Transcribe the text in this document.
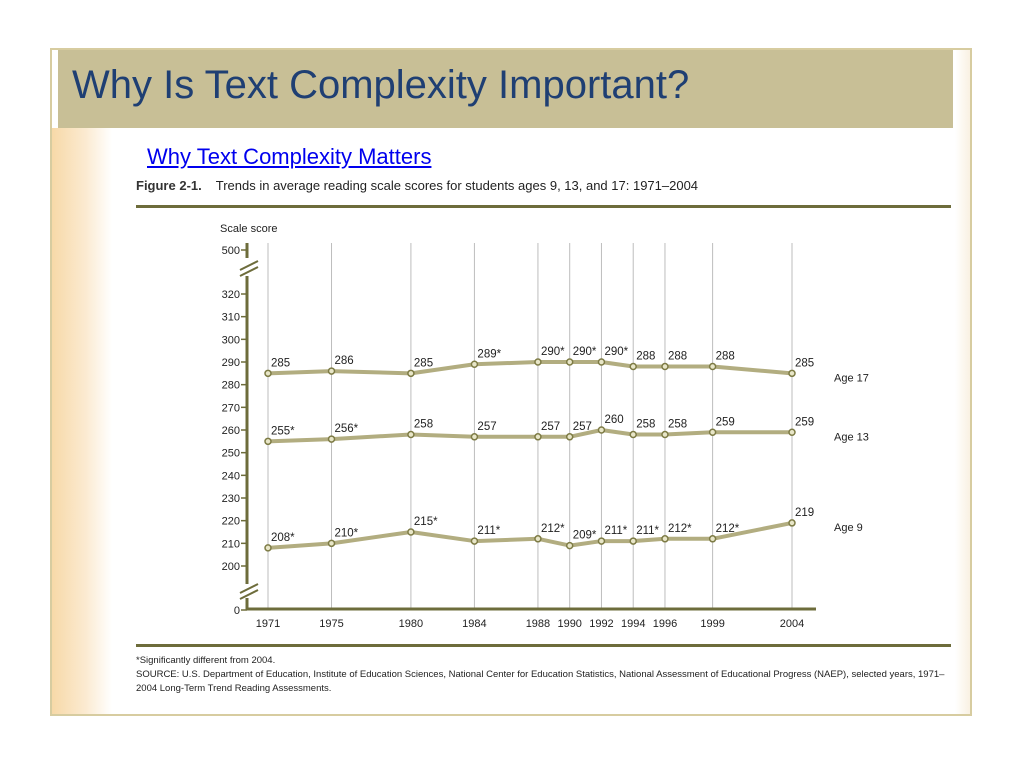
Why Is Text Complexity Important?
Why Text Complexity Matters
Figure 2-1. Trends in average reading scale scores for students ages 9, 13, and 17: 1971–2004
Scale score
0
200
210
220
230
240
250
260
270
280
290
300
310
320
500
1971	1975	1980	1984	1988 1990 1992 1994 1996 1999	2004
285	286	285
289*	290* 290* 290* 288 288 288
285
Age 17
255*	256*	258	257	257 257
260 258 258 259	259
Age 13
208*	210*
215*
211*	212*
209* 211* 211* 212* 212*
219
Age 9
*Significantly different from 2004.
SOURCE: U.S. Department of Education, Institute of Education Sciences, National Center for Education Statistics, National Assessment of Educational Progress (NAEP), selected years, 1971–2004 Long-Term Trend Reading Assessments.
